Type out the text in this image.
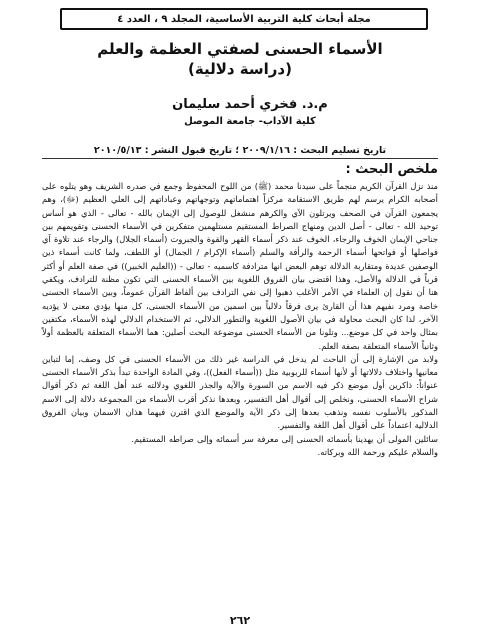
مجلة أبحاث كلية التربية الأساسية، المجلد ٩ ، العدد ٤
الأسماء الحسنى لصفتي العظمة والعلم
(دراسة دلالية)
م.د. فخري أحمد سليمان
كلية الآداب- جامعة الموصل
تاريخ تسليم البحث : ٢٠٠٩/١/١٦ ؛ تاريخ قبول النشر : ٢٠١٠/٥/١٣
ملخص البحث :

منذ نزل القرآن الكريم منجماً على سيدنا محمد (ﷺ) من اللوح المحفوظ وجمع في صدره الشريف وهو يتلوه على أصحابه الكرام يرسم لهم طريق الاستقامة مركزاً اهتماماتهم وتوجهاتهم وعباداتهم إلى العلي العظيم (ﷻ)، وهم يجمعون القرآن في الصحف ويرتلون الآي والكرهم منشغل للوصول إلى الإيمان بالله - تعالى - الذي هو أساس توحيد الله - تعالى - أصل الدين ومنهاج الصراط المستقيم مستلهمين متفكرين في الأسماء الحسنى وتقويمهم بين جناحي الإيمان الخوف والرجاء، الخوف عند ذكر أسماء القهر والقوة والجبروت (أسماء الجلال) والرجاء عند تلاوة آي فواصلها أو فواتحها أسماء الرحمة والرأفة والسلم (أسماء الإكرام / الجمال) أو اللطف، ولما كانت أسماء ذين الوصفين عديدة ومتقاربة الدلالة توهم البعض انها مترادفة كاسميه - تعالى - ((العليم الخبير)) في صفة العلم أو أكثر قرباً في الدلالة والأصل، وهذا اقتضى بيان الفروق اللغوية بين الأسماء الحسنى التي تكون مظنة للترادف، ويكفي هنا أن نقول إن العلماء في الأمر الأغلب ذهبوا إلى نفي الترادف بين ألفاظ القرآن عموماً، وبين الأسماء الحسنى خاصة ومرد نفيهم هذا أن القارئ يرى فرقاً دلالياً بين اسمين من الأسماء الحسنى، كل منها يؤدي معنى لا يؤديه الآخر، لذا كان البحث محاولة في بيان الأصول اللغوية والتطور الدلالي، ثم الاستخدام الدلالي لهذه الأسماء، مكتفين بمثال واحد في كل موضع... وتلونا من الأسماء الحسنى موضوعة البحث أصلين: هما الأسماء المتعلقة بالعظمة أولاً وثانياً الأسماء المتعلقة بصفة العلم.

ولابد من الإشارة إلى أن الباحث لم يدخل في الدراسة غير ذلك من الأسماء الحسنى في كل وصف، إما لتباين معانيها واختلاف دلالاتها أو لأنها أسماء للربوبية مثل ((أسماء الفعل))، وفي المادة الواحدة تبدأ بذكر الأسماء الحسنى عنواناً: ذاكرين أول موضع ذكر فيه الاسم من السورة والآية والجذر اللغوي ودلالته عند أهل اللغة ثم ذكر أقوال شراح الأسماء الحسنى، ونخلص إلى أقوال أهل التفسير، وبعدها نذكر أقرب الأسماء من المجموعة دلالة إلى الاسم المذكور بالأسلوب نفسه ونذهب بعدها إلى ذكر الآية والموضع الذي اقترن فيهما هذان الاسمان وبيان الفروق الدلالية اعتماداً على أقوال أهل اللغة والتفسير.

سائلين المولى أن يهدينا بأسمائه الحسنى إلى معرفة سر أسمائه وإلى صراطه المستقيم.

والسلام عليكم ورحمة الله وبركاته.

٢٦٢
